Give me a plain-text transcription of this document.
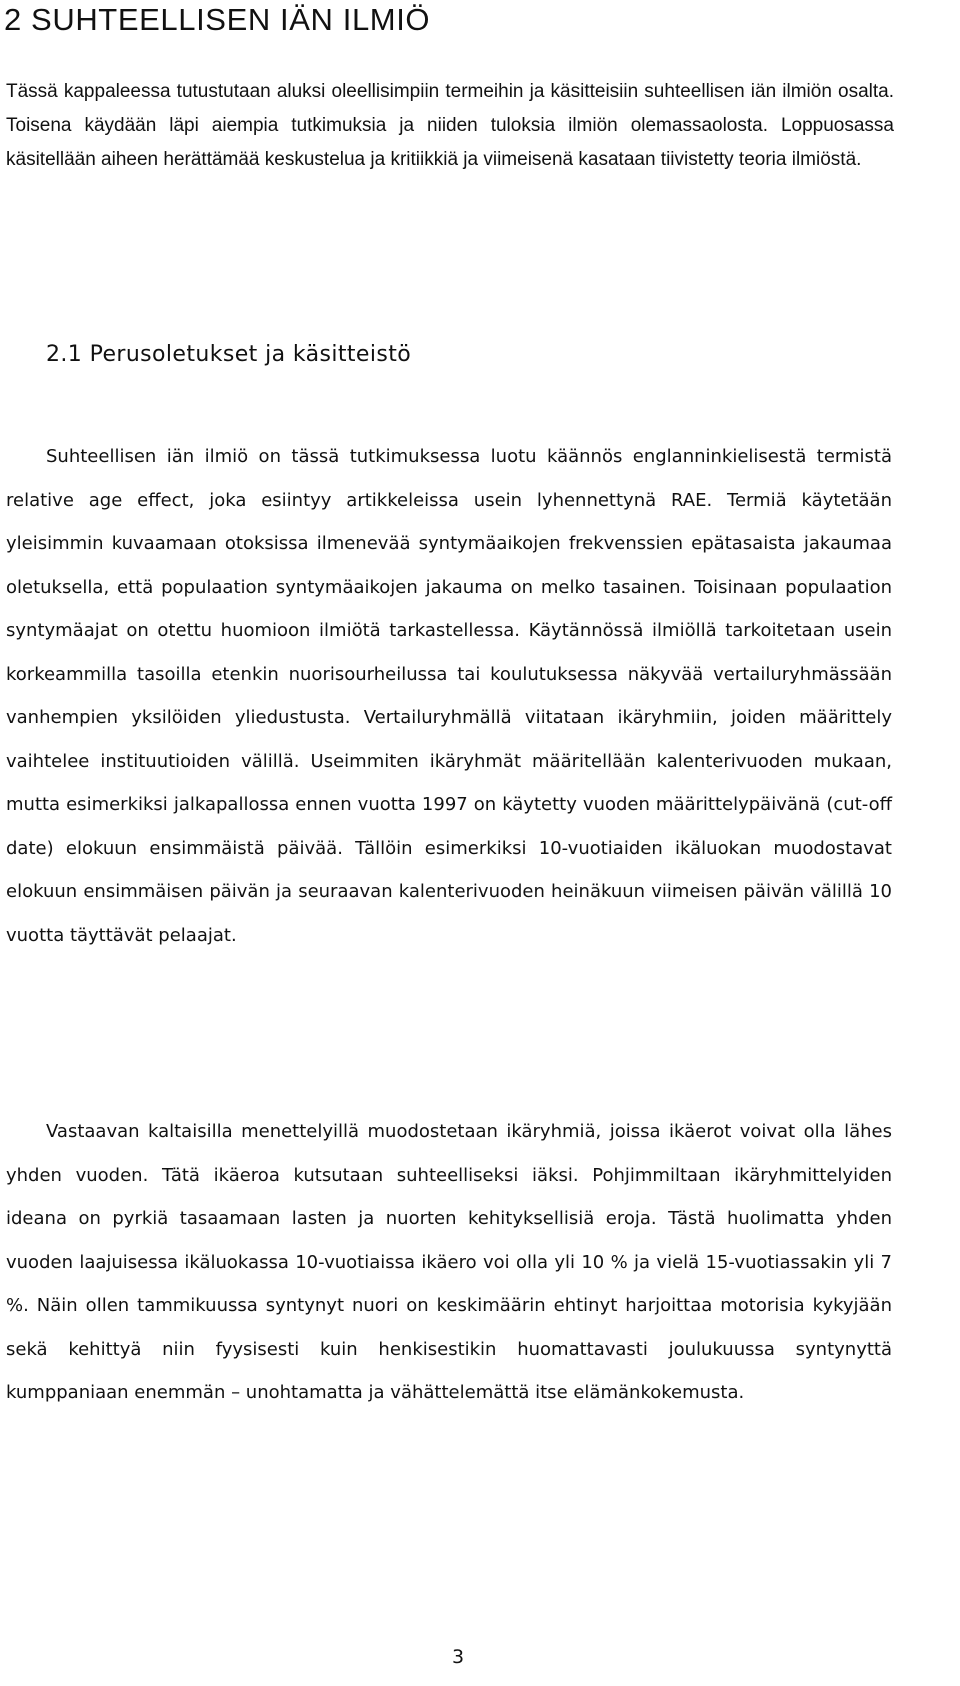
2 SUHTEELLISEN IÄN ILMIÖ

Tässä kappaleessa tutustutaan aluksi oleellisimpiin termeihin ja käsitteisiin suhteellisen iän ilmiön osalta. Toisena käydään läpi aiempia tutkimuksia ja niiden tuloksia ilmiön olemassaolosta. Loppuosassa käsitellään aiheen herättämää keskustelua ja kritiikkiä ja viimeisenä kasataan tiivistetty teoria ilmiöstä.

2.1 Perusoletukset ja käsitteistö

Suhteellisen iän ilmiö on tässä tutkimuksessa luotu käännös englanninkielisestä termistä relative age effect, joka esiintyy artikkeleissa usein lyhennettynä RAE. Termiä käytetään yleisimmin kuvaamaan otoksissa ilmenevää syntymäaikojen frekvenssien epätasaista jakaumaa oletuksella, että populaation syntymäaikojen jakauma on melko tasainen. Toisinaan populaation syntymäajat on otettu huomioon ilmiötä tarkastellessa. Käytännössä ilmiöllä tarkoitetaan usein korkeammilla tasoilla etenkin nuorisourheilussa tai koulutuksessa näkyvää vertailuryhmässään vanhempien yksilöiden yliedustusta. Vertailuryhmällä viitataan ikäryhmiin, joiden määrittely vaihtelee instituutioiden välillä. Useimmiten ikäryhmät määritellään kalenterivuoden mukaan, mutta esimerkiksi jalkapallossa ennen vuotta 1997 on käytetty vuoden määrittelypäivänä (cut-off date) elokuun ensimmäistä päivää. Tällöin esimerkiksi 10-vuotiaiden ikäluokan muodostavat elokuun ensimmäisen päivän ja seuraavan kalenterivuoden heinäkuun viimeisen päivän välillä 10 vuotta täyttävät pelaajat.

Vastaavan kaltaisilla menettelyillä muodostetaan ikäryhmiä, joissa ikäerot voivat olla lähes yhden vuoden. Tätä ikäeroa kutsutaan suhteelliseksi iäksi. Pohjimmiltaan ikäryhmittelyiden ideana on pyrkiä tasaamaan lasten ja nuorten kehityksellisiä eroja. Tästä huolimatta yhden vuoden laajuisessa ikäluokassa 10-vuotiaissa ikäero voi olla yli 10 % ja vielä 15-vuotiassakin yli 7 %. Näin ollen tammikuussa syntynyt nuori on keskimäärin ehtinyt harjoittaa motorisia kykyjään sekä kehittyä niin fyysisesti kuin henkisestikin huomattavasti joulukuussa syntynyttä kumppaniaan enemmän – unohtamatta ja vähättelemättä itse elämänkokemusta.

3
